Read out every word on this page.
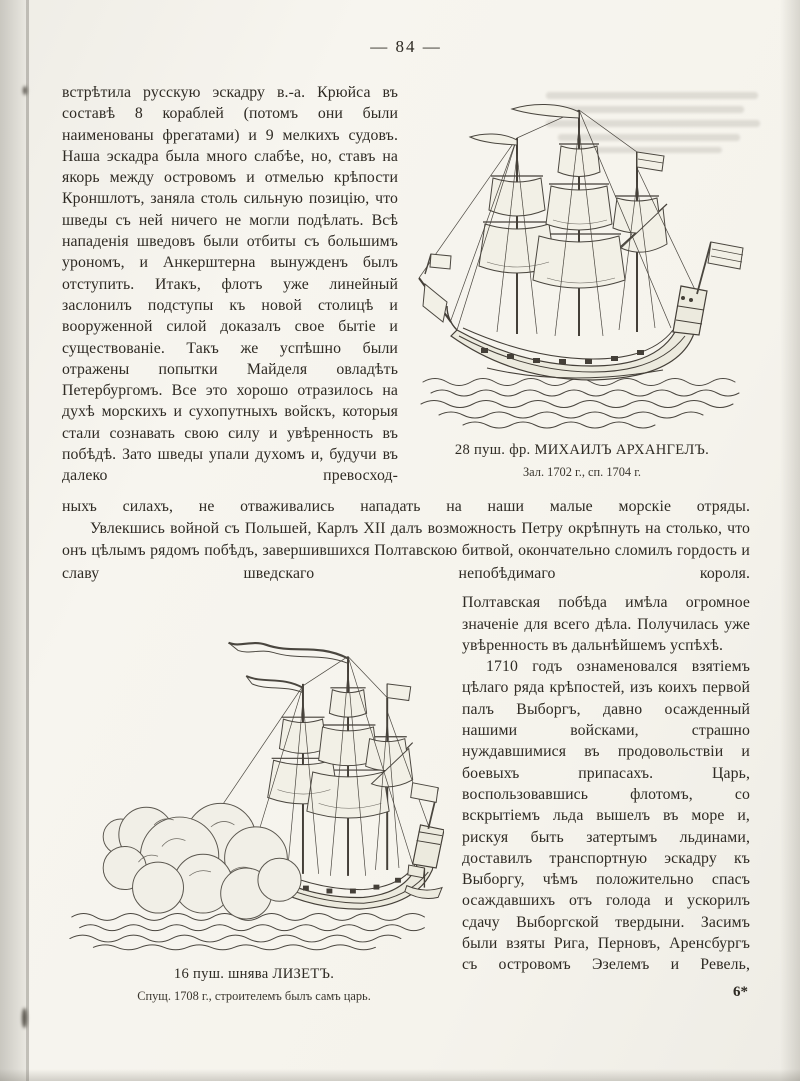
— 84 —

встрѣтила русскую эскадру в.-а. Крюйса въ составѣ 8 кораблей (потомъ они были наименованы фрегатами) и 9 мелкихъ судовъ. Наша эскадра была много слабѣе, но, ставъ на якорь между островомъ и отмелью крѣпости Кроншлотъ, заняла столь сильную позицію, что шведы съ ней ничего не могли подѣлать. Всѣ нападенія шведовъ были отбиты съ большимъ урономъ, и Анкерштерна вынужденъ былъ отступить. Итакъ, флотъ уже линейный заслонилъ подступы къ новой столицѣ и вооруженной силой доказалъ свое бытіе и существованіе. Такъ же успѣшно были отражены попытки Майделя овладѣть Петербургомъ. Все это хорошо отразилось на духѣ морскихъ и сухопутныхъ войскъ, которыя стали сознавать свою силу и увѣренность въ побѣдѣ. Зато шведы упали духомъ и, будучи въ далеко превосход-

28 пуш. фр. МИХАИЛЪ АРХАНГЕЛЪ.
Зал. 1702 г., сп. 1704 г.

ныхъ силахъ, не отваживались нападать на наши малые морскіе отряды.

Увлекшись войной съ Польшей, Карлъ XII далъ возможность Петру окрѣпнуть на столько, что онъ цѣлымъ рядомъ побѣдъ, завершившихся Полтавскою битвой, окончательно сломилъ гордость и славу шведскаго непобѣдимаго короля.

16 пуш. шнява ЛИЗЕТЪ.
Спущ. 1708 г., строителемъ былъ самъ царь.

Полтавская побѣда имѣла огромное значеніе для всего дѣла. Получилась уже увѣренность въ дальнѣйшемъ успѣхѣ.

1710 годъ ознаменовался взятіемъ цѣлаго ряда крѣпостей, изъ коихъ первой палъ Выборгъ, давно осажденный нашими войсками, страшно нуждавшимися въ продовольствіи и боевыхъ припасахъ. Царь, воспользовавшись флотомъ, со вскрытіемъ льда вышелъ въ море и, рискуя быть затертымъ льдинами, доставилъ транспортную эскадру къ Выборгу, чѣмъ положительно спасъ осаждавшихъ отъ голода и ускорилъ сдачу Выборгской твердыни. Засимъ были взяты Рига, Перновъ, Аренсбургъ съ островомъ Эзелемъ и Ревель,

6*
